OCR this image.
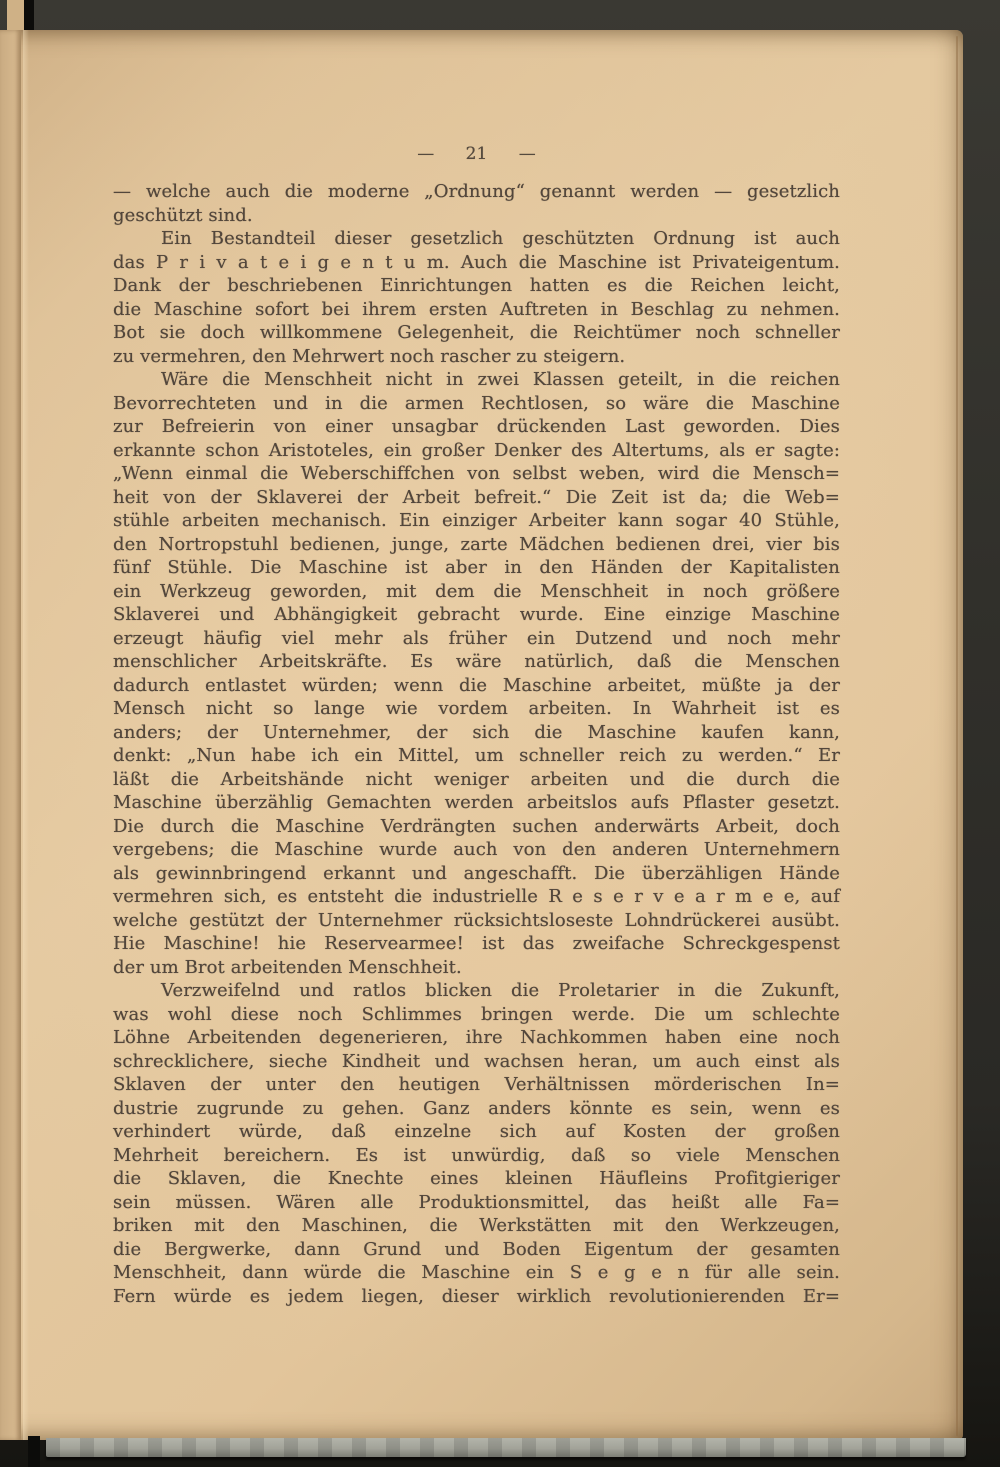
— 21 —
— welche auch die moderne „Ordnung“ genannt werden — gesetzlich
geschützt sind.
Ein Bestandteil dieser gesetzlich geschützten Ordnung ist auch
das P r i v a t e i g e n t u m. Auch die Maschine ist Privateigentum.
Dank der beschriebenen Einrichtungen hatten es die Reichen leicht,
die Maschine sofort bei ihrem ersten Auftreten in Beschlag zu nehmen.
Bot sie doch willkommene Gelegenheit, die Reichtümer noch schneller
zu vermehren, den Mehrwert noch rascher zu steigern.
Wäre die Menschheit nicht in zwei Klassen geteilt, in die reichen
Bevorrechteten und in die armen Rechtlosen, so wäre die Maschine
zur Befreierin von einer unsagbar drückenden Last geworden. Dies
erkannte schon Aristoteles, ein großer Denker des Altertums, als er sagte:
„Wenn einmal die Weberschiffchen von selbst weben, wird die Mensch=
heit von der Sklaverei der Arbeit befreit.“ Die Zeit ist da; die Web=
stühle arbeiten mechanisch. Ein einziger Arbeiter kann sogar 40 Stühle,
den Nortropstuhl bedienen, junge, zarte Mädchen bedienen drei, vier bis
fünf Stühle. Die Maschine ist aber in den Händen der Kapitalisten
ein Werkzeug geworden, mit dem die Menschheit in noch größere
Sklaverei und Abhängigkeit gebracht wurde. Eine einzige Maschine
erzeugt häufig viel mehr als früher ein Dutzend und noch mehr
menschlicher Arbeitskräfte. Es wäre natürlich, daß die Menschen
dadurch entlastet würden; wenn die Maschine arbeitet, müßte ja der
Mensch nicht so lange wie vordem arbeiten. In Wahrheit ist es
anders; der Unternehmer, der sich die Maschine kaufen kann,
denkt: „Nun habe ich ein Mittel, um schneller reich zu werden.“ Er
läßt die Arbeitshände nicht weniger arbeiten und die durch die
Maschine überzählig Gemachten werden arbeitslos aufs Pflaster gesetzt.
Die durch die Maschine Verdrängten suchen anderwärts Arbeit, doch
vergebens; die Maschine wurde auch von den anderen Unternehmern
als gewinnbringend erkannt und angeschafft. Die überzähligen Hände
vermehren sich, es entsteht die industrielle R e s e r v e a r m e e, auf
welche gestützt der Unternehmer rücksichtsloseste Lohndrückerei ausübt.
Hie Maschine! hie Reservearmee! ist das zweifache Schreckgespenst
der um Brot arbeitenden Menschheit.
Verzweifelnd und ratlos blicken die Proletarier in die Zukunft,
was wohl diese noch Schlimmes bringen werde. Die um schlechte
Löhne Arbeitenden degenerieren, ihre Nachkommen haben eine noch
schrecklichere, sieche Kindheit und wachsen heran, um auch einst als
Sklaven der unter den heutigen Verhältnissen mörderischen In=
dustrie zugrunde zu gehen. Ganz anders könnte es sein, wenn es
verhindert würde, daß einzelne sich auf Kosten der großen
Mehrheit bereichern. Es ist unwürdig, daß so viele Menschen
die Sklaven, die Knechte eines kleinen Häufleins Profitgieriger
sein müssen. Wären alle Produktionsmittel, das heißt alle Fa=
briken mit den Maschinen, die Werkstätten mit den Werkzeugen,
die Bergwerke, dann Grund und Boden Eigentum der gesamten
Menschheit, dann würde die Maschine ein S e g e n für alle sein.
Fern würde es jedem liegen, dieser wirklich revolutionierenden Er=
